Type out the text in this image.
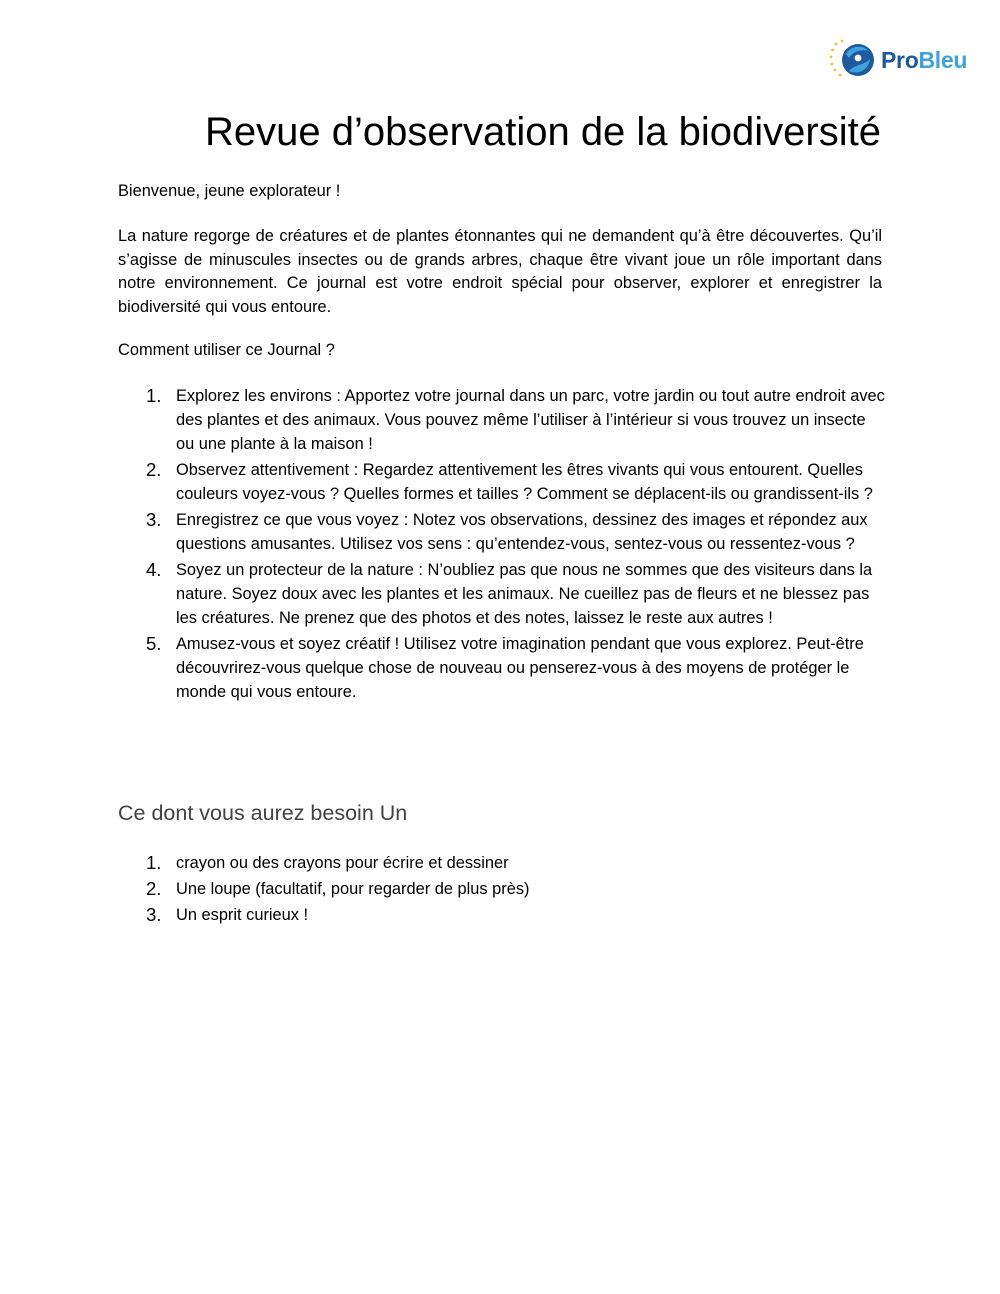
ProBleu
Revue d’observation de la biodiversité

Bienvenue, jeune explorateur !

La nature regorge de créatures et de plantes étonnantes qui ne demandent qu’à être découvertes. Qu’il s’agisse de minuscules insectes ou de grands arbres, chaque être vivant joue un rôle important dans notre environnement. Ce journal est votre endroit spécial pour observer, explorer et enregistrer la biodiversité qui vous entoure.

Comment utiliser ce Journal ?

1. Explorez les environs : Apportez votre journal dans un parc, votre jardin ou tout autre endroit avec des plantes et des animaux. Vous pouvez même l’utiliser à l’intérieur si vous trouvez un insecte ou une plante à la maison !
2. Observez attentivement : Regardez attentivement les êtres vivants qui vous entourent. Quelles couleurs voyez-vous ? Quelles formes et tailles ? Comment se déplacent-ils ou grandissent-ils ?
3. Enregistrez ce que vous voyez : Notez vos observations, dessinez des images et répondez aux questions amusantes. Utilisez vos sens : qu’entendez-vous, sentez-vous ou ressentez-vous ?
4. Soyez un protecteur de la nature : N’oubliez pas que nous ne sommes que des visiteurs dans la nature. Soyez doux avec les plantes et les animaux. Ne cueillez pas de fleurs et ne blessez pas les créatures. Ne prenez que des photos et des notes, laissez le reste aux autres !
5. Amusez-vous et soyez créatif ! Utilisez votre imagination pendant que vous explorez. Peut-être découvrirez-vous quelque chose de nouveau ou penserez-vous à des moyens de protéger le monde qui vous entoure.
Ce dont vous aurez besoin Un
1. crayon ou des crayons pour écrire et dessiner
2. Une loupe (facultatif, pour regarder de plus près)
3. Un esprit curieux !
